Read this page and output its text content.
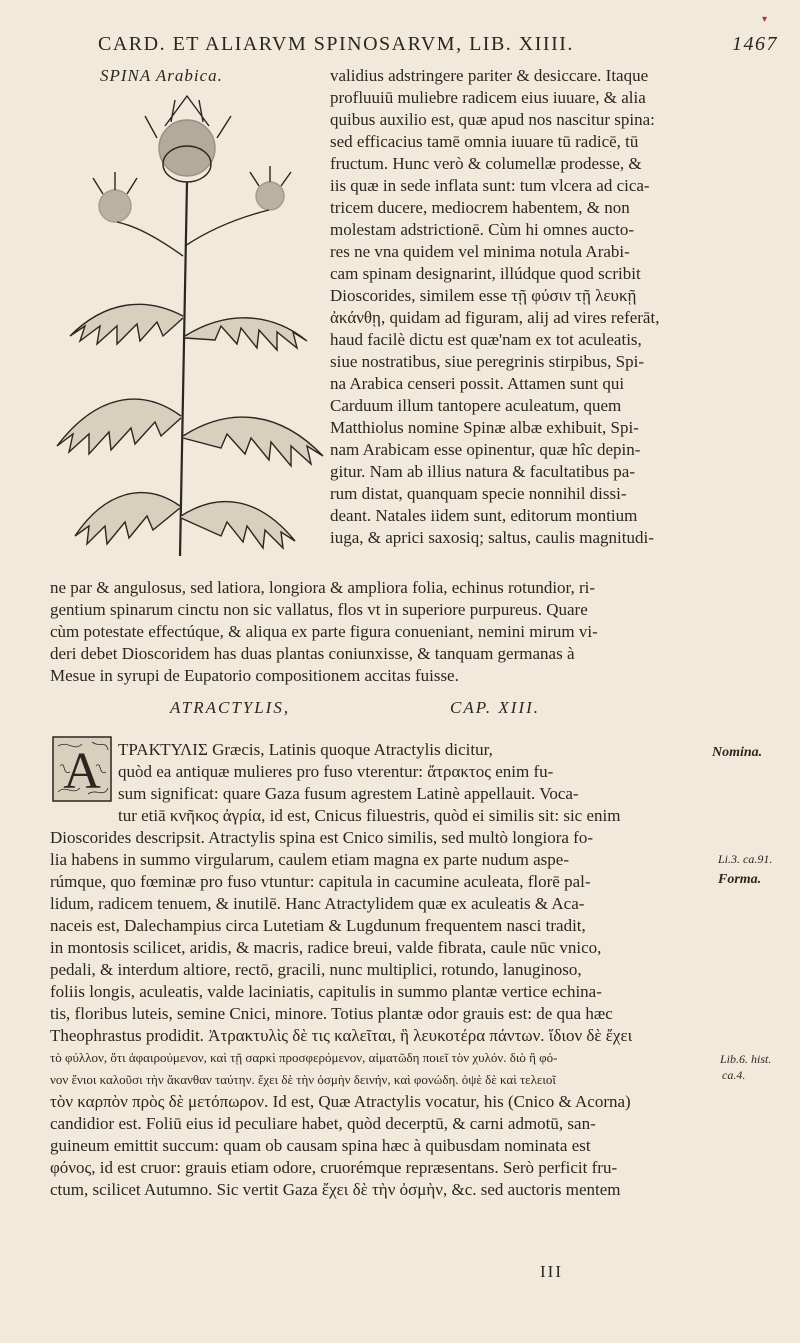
▾
CARD. ET ALIARVM SPINOSARVM, LIB. XIIII.	1467
SPINA Arabica.	validius adstringere pariter & desiccare. Itaque
profluuiū muliebre radicem eius iuuare, & alia
quibus auxilio est, quæ apud nos nascitur spina:
sed efficacius tamē omnia iuuare tū radicē, tū
fructum. Hunc verò & columellæ prodesse, &
iis quæ in sede inflata sunt: tum vlcera ad cica-
tricem ducere, mediocrem habentem, & non
molestam adstrictionē. Cùm hi omnes aucto-
res ne vna quidem vel minima notula Arabi-
cam spinam designarint, illúdque quod scribit
Dioscorides, similem esse τῇ φύσιν τῇ λευκῇ
ἀκάνθῃ, quidam ad figuram, alij ad vires referāt,
haud facilè dictu est quæ'nam ex tot aculeatis,
siue nostratibus, siue peregrinis stirpibus, Spi-
na Arabica censeri possit. Attamen sunt qui
Carduum illum tantopere aculeatum, quem
Matthiolus nomine Spinæ albæ exhibuit, Spi-
nam Arabicam esse opinentur, quæ hîc depin-
gitur. Nam ab illius natura & facultatibus pa-
rum distat, quanquam specie nonnihil dissi-
deant. Natales iidem sunt, editorum montium
iuga, & aprici saxosiq; saltus, caulis magnitudi-
ne par & angulosus, sed latiora, longiora & ampliora folia, echinus rotundior, ri-
gentium spinarum cinctu non sic vallatus, flos vt in superiore purpureus. Quare
cùm potestate effectúque, & aliqua ex parte figura conueniant, nemini mirum vi-
deri debet Dioscoridem has duas plantas coniunxisse, & tanquam germanas à
Mesue in syrupi de Eupatorio compositionem accitas fuisse.
ATRACTYLIS,	CAP. XIII.
A ΤΡΑΚΤΥΛΙΣ Græcis, Latinis quoque Atractylis dicitur,
quòd ea antiquæ mulieres pro fuso vterentur: ἄτρακτος enim fu-
sum significat: quare Gaza fusum agrestem Latinè appellauit. Voca-
tur etiā κνῆκος ἀγρία, id est, Cnicus filuestris, quòd ei similis sit: sic enim
Dioscorides descripsit. Atractylis spina est Cnico similis, sed multò longiora fo-
lia habens in summo virgularum, caulem etiam magna ex parte nudum aspe-
rúmque, quo fœminæ pro fuso vtuntur: capitula in cacumine aculeata, florē pal-
lidum, radicem tenuem, & inutilē. Hanc Atractylidem quæ ex aculeatis & Aca-
naceis est, Dalechampius circa Lutetiam & Lugdunum frequentem nasci tradit,
in montosis scilicet, aridis, & macris, radice breui, valde fibrata, caule nūc vnico,
pedali, & interdum altiore, rectō, gracili, nunc multiplici, rotundo, lanuginoso,
foliis longis, aculeatis, valde laciniatis, capitulis in summo plantæ vertice echina-
tis, floribus luteis, semine Cnici, minore. Totius plantæ odor grauis est: de qua hæc
Theophrastus prodidit. Ἀτρακτυλὶς δὲ τις καλεῖται, ἣ λευκοτέρα πάντων. ἴδιον δὲ ἔχει
τὸ φύλλον, ὅτι ἀφαιρούμενον, καὶ τῇ σαρκὶ προσφερόμενον, αἱματῶδη ποιεῖ τὸν χυλόν. διὸ ἢ φό-
νον ἔνιοι καλοῦσι τὴν ἄκανθαν ταύτην. ἔχει δὲ τὴν ὀσμὴν δεινήν, καὶ φονώδη. ὀψὲ δὲ καὶ τελειοῖ
τὸν καρπὸν πρὸς δὲ μετόπωρον. Id est, Quæ Atractylis vocatur, his (Cnico & Acorna)
candidior est. Foliū eius id peculiare habet, quòd decerptū, & carni admotū, san-
guineum emittit succum: quam ob causam spina hæc à quibusdam nominata est
φόνος, id est cruor: grauis etiam odore, cruorémque repræsentans. Serò perficit fru-
ctum, scilicet Autumno. Sic vertit Gaza ἔχει δὲ τὴν ὀσμὴν, &c. sed auctoris mentem
Nomina.
Li.3. ca.91.
Forma.
Lib.6. hist.
ca.4.
III
